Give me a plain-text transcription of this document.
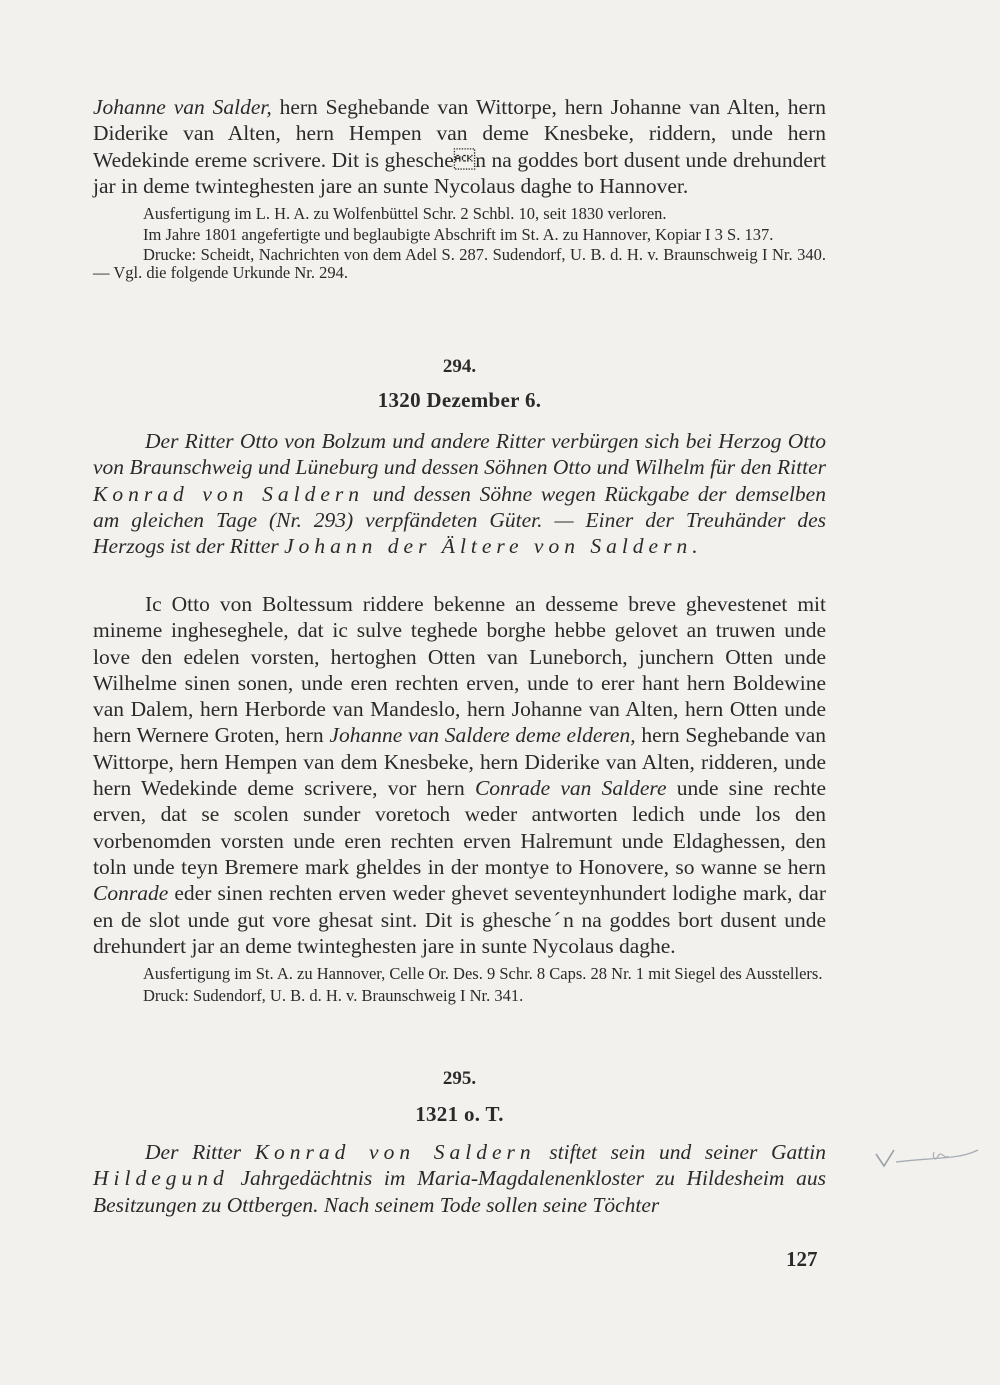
Johanne van Salder, hern Seghebande van Wittorpe, hern Johanne van Alten, hern Diderike van Alten, hern Hempen van deme Knesbeke, riddern, unde hern Wedekinde ereme scrivere. Dit is gheschen na goddes bort dusent unde drehundert jar in deme twinteghesten jare an sunte Nycolaus daghe to Hannover.

Ausfertigung im L. H. A. zu Wolfenbüttel Schr. 2 Schbl. 10, seit 1830 verloren.

Im Jahre 1801 angefertigte und beglaubigte Abschrift im St. A. zu Hannover, Kopiar I 3 S. 137.

Drucke: Scheidt, Nachrichten von dem Adel S. 287. Sudendorf, U. B. d. H. v. Braunschweig I Nr. 340. — Vgl. die folgende Urkunde Nr. 294.

294.

1320 Dezember 6.

Der Ritter Otto von Bolzum und andere Ritter verbürgen sich bei Herzog Otto von Braunschweig und Lüneburg und dessen Söhnen Otto und Wilhelm für den Ritter Konrad von Saldern und dessen Söhne wegen Rückgabe der demselben am gleichen Tage (Nr. 293) verpfändeten Güter. — Einer der Treuhänder des Herzogs ist der Ritter Johann der Ältere von Saldern.

Ic Otto von Boltessum riddere bekenne an desseme breve ghevestenet mit mineme ingheseghele, dat ic sulve teghede borghe hebbe gelovet an truwen unde love den edelen vorsten, hertoghen Otten van Luneborch, junchern Otten unde Wilhelme sinen sonen, unde eren rechten erven, unde to erer hant hern Boldewine van Dalem, hern Herborde van Mandeslo, hern Johanne van Alten, hern Otten unde hern Wernere Groten, hern Johanne van Saldere deme elderen, hern Seghebande van Wittorpe, hern Hempen van dem Knesbeke, hern Diderike van Alten, ridderen, unde hern Wedekinde deme scrivere, vor hern Conrade van Saldere unde sine rechte erven, dat se scolen sunder voretoch weder antworten ledich unde los den vorbenomden vorsten unde eren rechten erven Halremunt unde Eldaghessen, den toln unde teyn Bremere mark gheldes in der montye to Honovere, so wanne se hern Conrade eder sinen rechten erven weder ghevet seventeynhundert lodighe mark, dar en de slot unde gut vore ghesat sint. Dit is ghescheˊn na goddes bort dusent unde drehundert jar an deme twinteghesten jare in sunte Nycolaus daghe.

Ausfertigung im St. A. zu Hannover, Celle Or. Des. 9 Schr. 8 Caps. 28 Nr. 1 mit Siegel des Ausstellers.

Druck: Sudendorf, U. B. d. H. v. Braunschweig I Nr. 341.

295.

1321 o. T.

Der Ritter Konrad von Saldern stiftet sein und seiner Gattin Hildegund Jahrgedächtnis im Maria-Magdalenenkloster zu Hildesheim aus Besitzungen zu Ottbergen. Nach seinem Tode sollen seine Töchter

127
